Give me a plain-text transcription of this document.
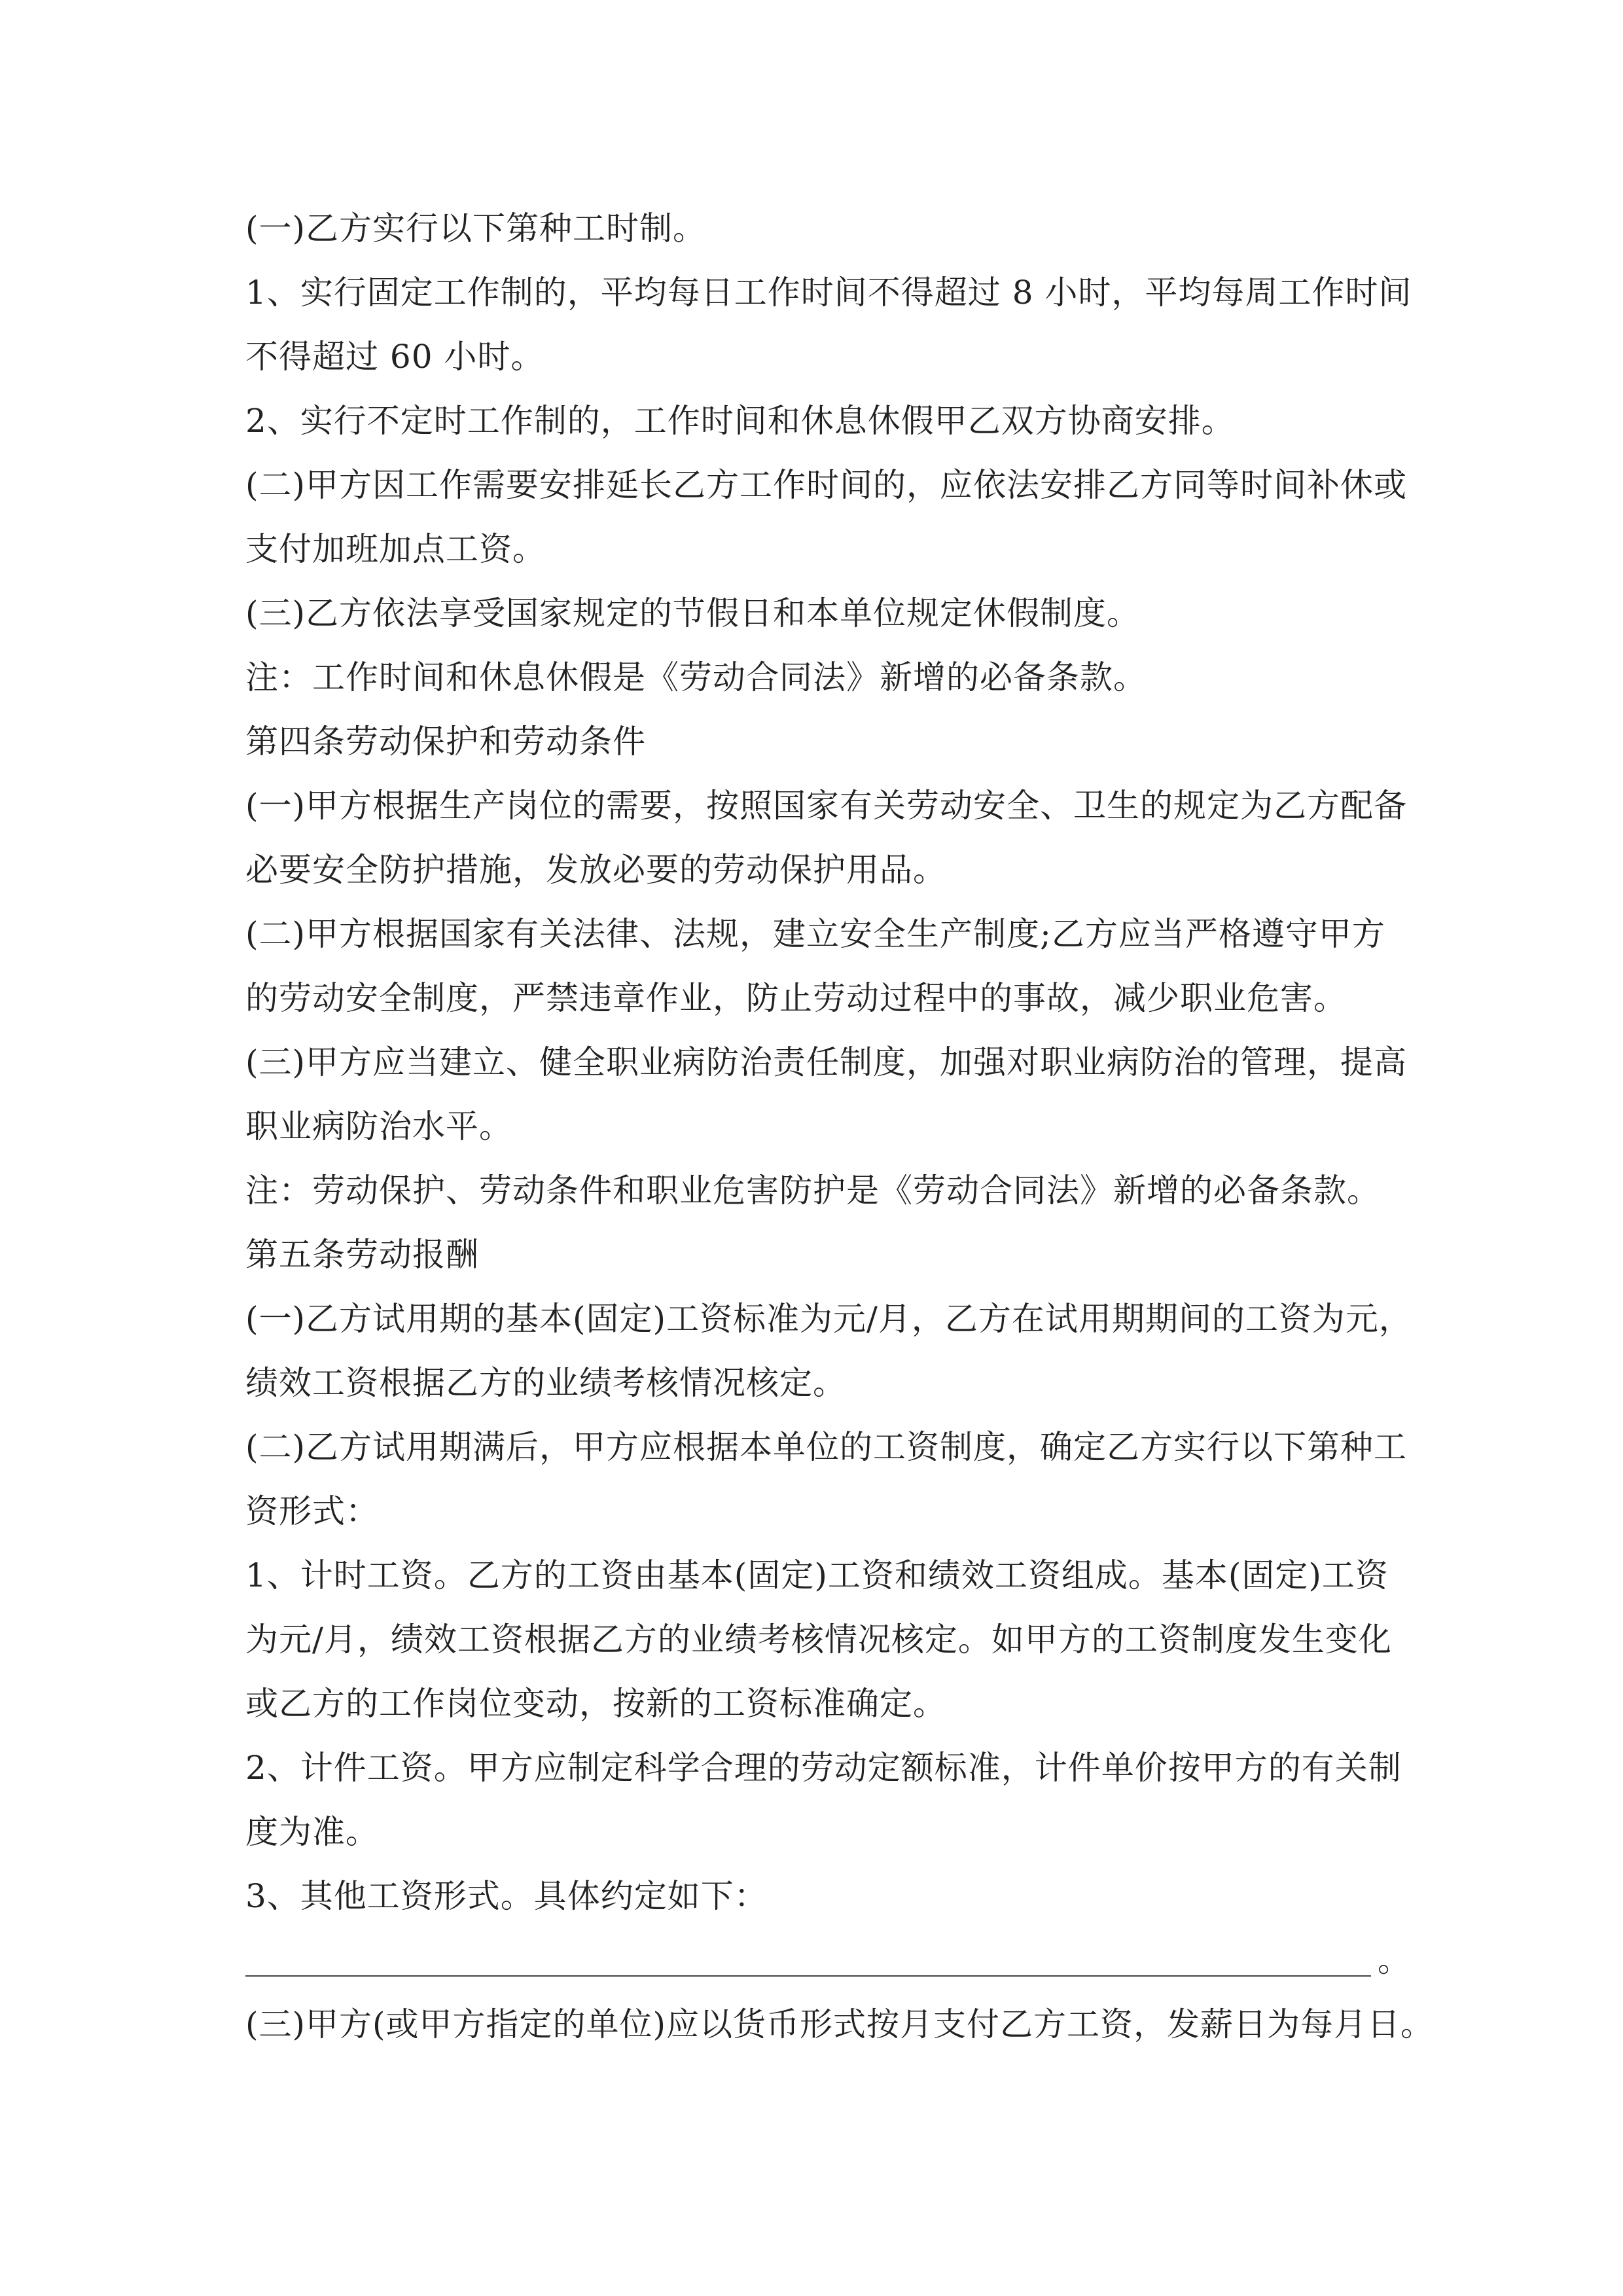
(一)乙方实行以下第种工时制。
1、实行固定工作制的，平均每日工作时间不得超过 8 小时，平均每周工作时间
不得超过 60 小时。
2、实行不定时工作制的，工作时间和休息休假甲乙双方协商安排。
(二)甲方因工作需要安排延长乙方工作时间的，应依法安排乙方同等时间补休或
支付加班加点工资。
(三)乙方依法享受国家规定的节假日和本单位规定休假制度。
注：工作时间和休息休假是《劳动合同法》新增的必备条款。
第四条劳动保护和劳动条件
(一)甲方根据生产岗位的需要，按照国家有关劳动安全、卫生的规定为乙方配备
必要安全防护措施，发放必要的劳动保护用品。
(二)甲方根据国家有关法律、法规，建立安全生产制度;乙方应当严格遵守甲方
的劳动安全制度，严禁违章作业，防止劳动过程中的事故，减少职业危害。
(三)甲方应当建立、健全职业病防治责任制度，加强对职业病防治的管理，提高
职业病防治水平。
注：劳动保护、劳动条件和职业危害防护是《劳动合同法》新增的必备条款。
第五条劳动报酬
(一)乙方试用期的基本(固定)工资标准为元/月，乙方在试用期期间的工资为元，
绩效工资根据乙方的业绩考核情况核定。
(二)乙方试用期满后，甲方应根据本单位的工资制度，确定乙方实行以下第种工
资形式：
1、计时工资。乙方的工资由基本(固定)工资和绩效工资组成。基本(固定)工资
为元/月，绩效工资根据乙方的业绩考核情况核定。如甲方的工资制度发生变化
或乙方的工作岗位变动，按新的工资标准确定。
2、计件工资。甲方应制定科学合理的劳动定额标准，计件单价按甲方的有关制
度为准。
3、其他工资形式。具体约定如下：
。
(三)甲方(或甲方指定的单位)应以货币形式按月支付乙方工资，发薪日为每月日。
